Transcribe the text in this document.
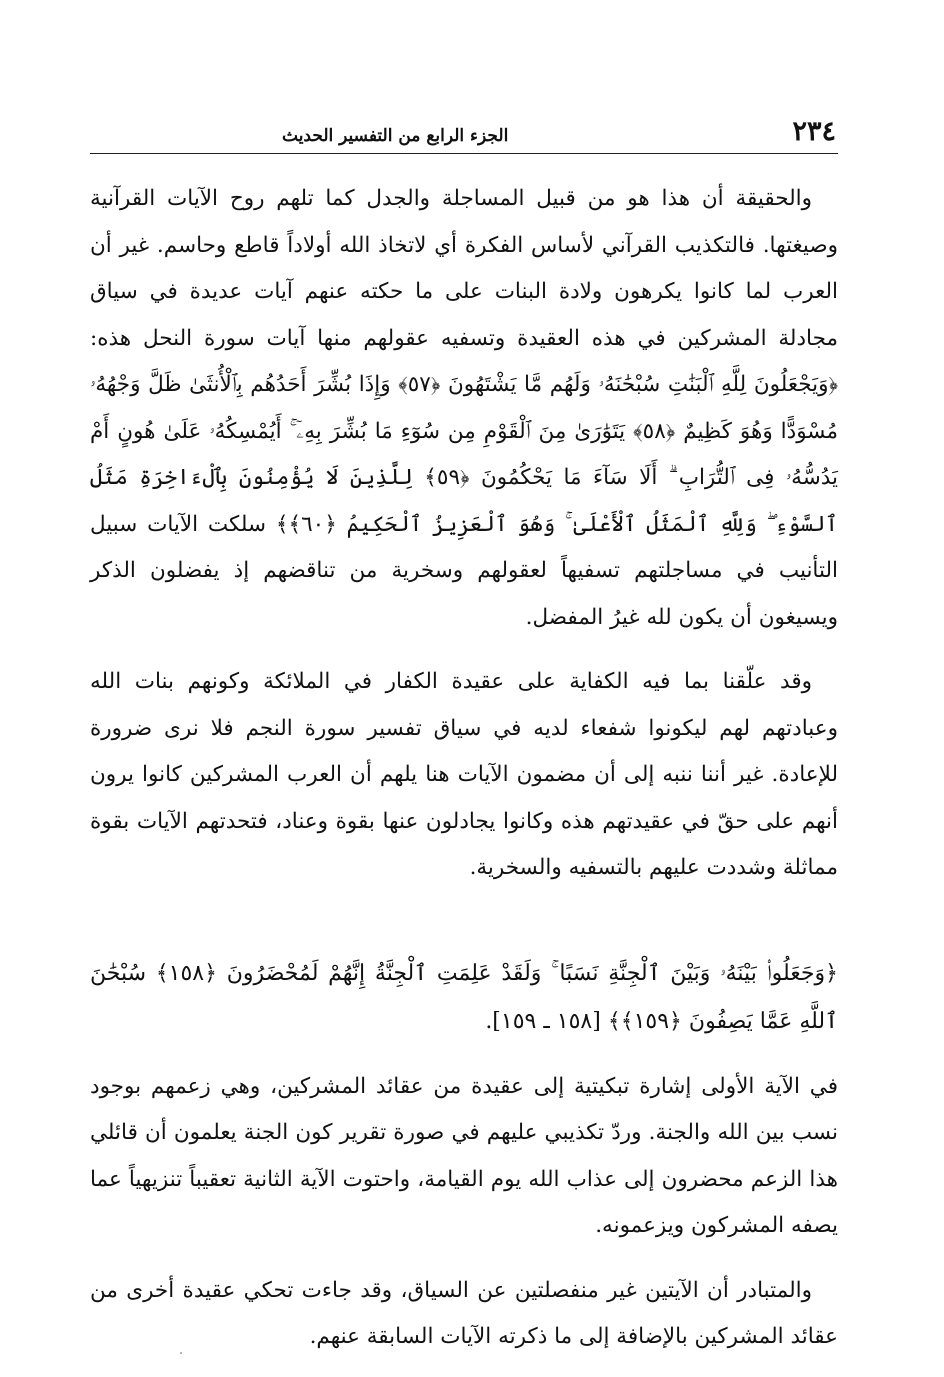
٢٣٤
الجزء الرابع من التفسير الحديث

والحقيقة أن هذا هو من قبيل المساجلة والجدل كما تلهم روح الآيات القرآنية وصيغتها. فالتكذيب القرآني لأساس الفكرة أي لاتخاذ الله أولاداً قاطع وحاسم. غير أن العرب لما كانوا يكرهون ولادة البنات على ما حكته عنهم آيات عديدة في سياق مجادلة المشركين في هذه العقيدة وتسفيه عقولهم منها آيات سورة النحل هذه: ﴿وَيَجْعَلُونَ لِلَّهِ ٱلْبَنَٰتِ سُبْحَٰنَهُۥ وَلَهُم مَّا يَشْتَهُونَ ﴿٥٧﴾ وَإِذَا بُشِّرَ أَحَدُهُم بِٱلْأُنثَىٰ ظَلَّ وَجْهُهُۥ مُسْوَدًّا وَهُوَ كَظِيمٌ ﴿٥٨﴾ يَتَوَٰرَىٰ مِنَ ٱلْقَوْمِ مِن سُوٓءِ مَا بُشِّرَ بِهِۦٓ ۚ أَيُمْسِكُهُۥ عَلَىٰ هُونٍ أَمْ يَدُسُّهُۥ فِى ٱلتُّرَابِ ۗ أَلَا سَآءَ مَا يَحْكُمُونَ ﴿٥٩﴾ لِلَّذِينَ لَا يُؤْمِنُونَ بِٱلْءَاخِرَةِ مَثَلُ ٱلسَّوْءِ ۖ وَلِلَّهِ ٱلْمَثَلُ ٱلْأَعْلَىٰ ۚ وَهُوَ ٱلْعَزِيزُ ٱلْحَكِيمُ ﴿٦٠﴾﴾ سلكت الآيات سبيل التأنيب في مساجلتهم تسفيهاً لعقولهم وسخرية من تناقضهم إذ يفضلون الذكر ويسيغون أن يكون لله غيرُ المفضل.

وقد علّقنا بما فيه الكفاية على عقيدة الكفار في الملائكة وكونهم بنات الله وعبادتهم لهم ليكونوا شفعاء لديه في سياق تفسير سورة النجم فلا نرى ضرورة للإعادة. غير أننا ننبه إلى أن مضمون الآيات هنا يلهم أن العرب المشركين كانوا يرون أنهم على حقّ في عقيدتهم هذه وكانوا يجادلون عنها بقوة وعناد، فتحدتهم الآيات بقوة مماثلة وشددت عليهم بالتسفيه والسخرية.

﴿وَجَعَلُوا۟ بَيْنَهُۥ وَبَيْنَ ٱلْجِنَّةِ نَسَبًا ۚ وَلَقَدْ عَلِمَتِ ٱلْجِنَّةُ إِنَّهُمْ لَمُحْضَرُونَ ﴿١٥٨﴾ سُبْحَٰنَ ٱللَّهِ عَمَّا يَصِفُونَ ﴿١٥٩﴾﴾ [١٥٨ ـ ١٥٩].

في الآية الأولى إشارة تبكيتية إلى عقيدة من عقائد المشركين، وهي زعمهم بوجود نسب بين الله والجنة. وردّ تكذيبي عليهم في صورة تقرير كون الجنة يعلمون أن قائلي هذا الزعم محضرون إلى عذاب الله يوم القيامة، واحتوت الآية الثانية تعقيباً تنزيهياً عما يصفه المشركون ويزعمونه.

والمتبادر أن الآيتين غير منفصلتين عن السياق، وقد جاءت تحكي عقيدة أخرى من عقائد المشركين بالإضافة إلى ما ذكرته الآيات السابقة عنهم.
